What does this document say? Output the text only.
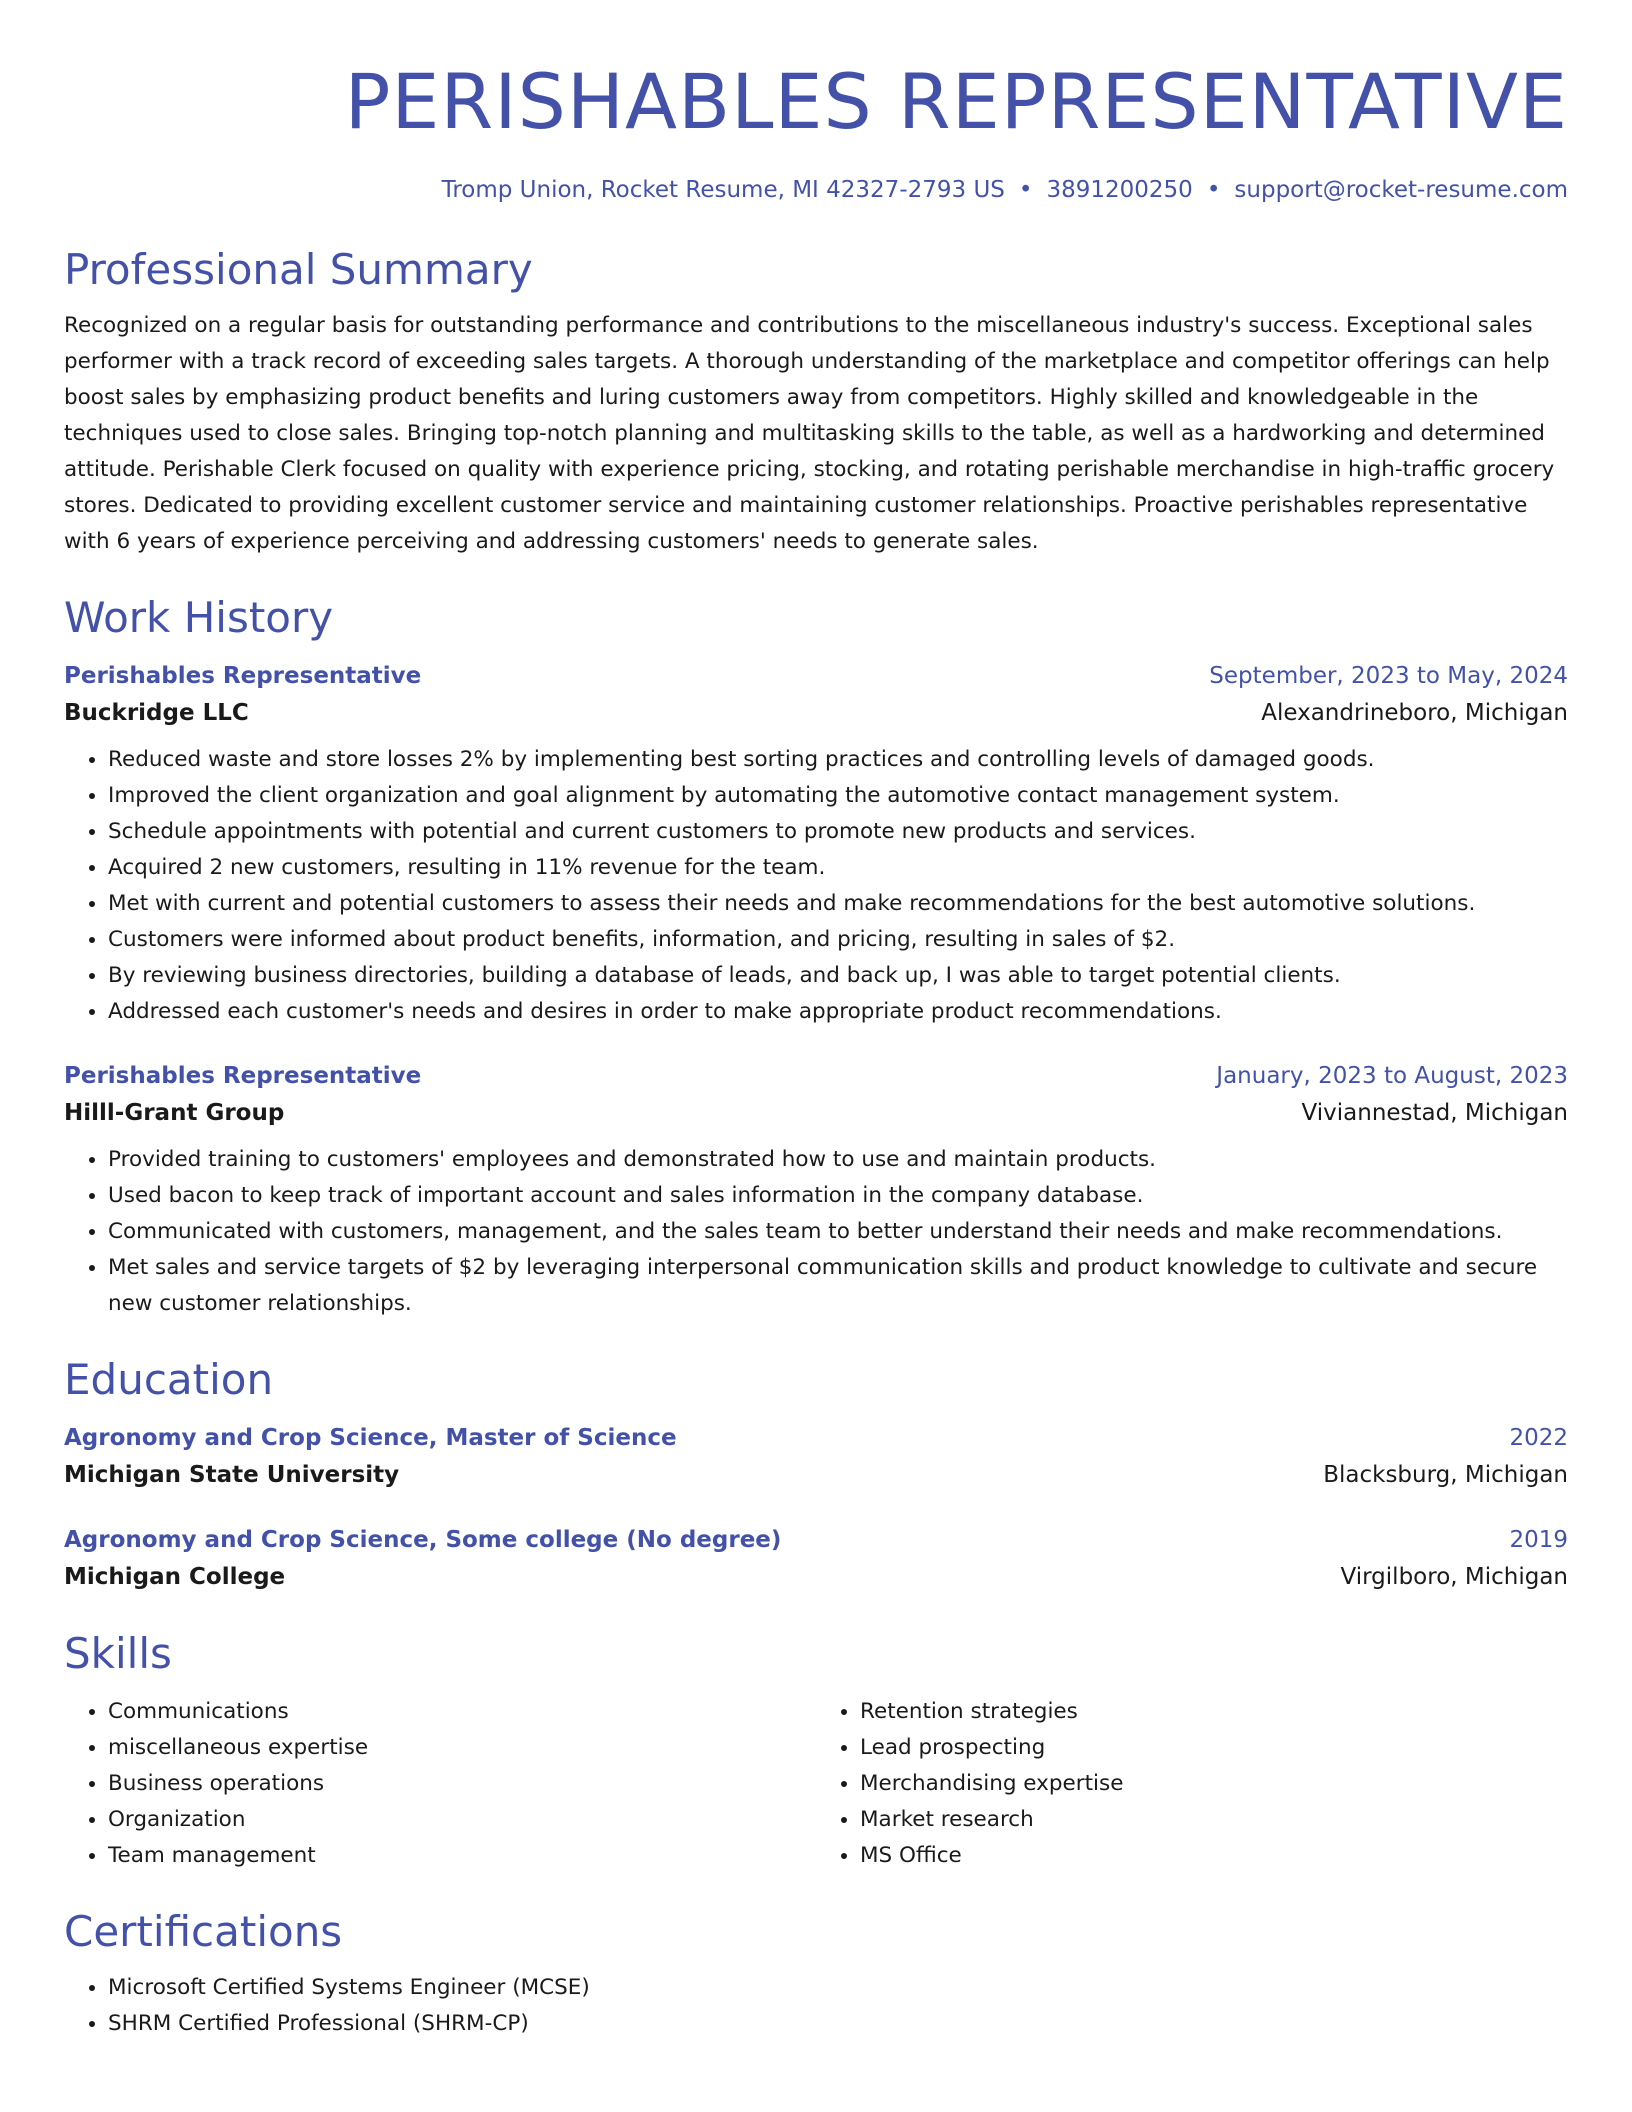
PERISHABLES REPRESENTATIVE
Tromp Union, Rocket Resume, MI 42327-2793 US • 3891200250 • support@rocket-resume.com
Professional Summary
Recognized on a regular basis for outstanding performance and contributions to the miscellaneous industry's success. Exceptional sales performer with a track record of exceeding sales targets. A thorough understanding of the marketplace and competitor offerings can help boost sales by emphasizing product benefits and luring customers away from competitors. Highly skilled and knowledgeable in the techniques used to close sales. Bringing top-notch planning and multitasking skills to the table, as well as a hardworking and determined attitude. Perishable Clerk focused on quality with experience pricing, stocking, and rotating perishable merchandise in high-traffic grocery stores. Dedicated to providing excellent customer service and maintaining customer relationships. Proactive perishables representative with 6 years of experience perceiving and addressing customers' needs to generate sales.
Work History
Perishables Representative	September, 2023 to May, 2024
Buckridge LLC	Alexandrineboro, Michigan
• Reduced waste and store losses 2% by implementing best sorting practices and controlling levels of damaged goods.
• Improved the client organization and goal alignment by automating the automotive contact management system.
• Schedule appointments with potential and current customers to promote new products and services.
• Acquired 2 new customers, resulting in 11% revenue for the team.
• Met with current and potential customers to assess their needs and make recommendations for the best automotive solutions.
• Customers were informed about product benefits, information, and pricing, resulting in sales of $2.
• By reviewing business directories, building a database of leads, and back up, I was able to target potential clients.
• Addressed each customer's needs and desires in order to make appropriate product recommendations.
Perishables Representative	January, 2023 to August, 2023
Hilll-Grant Group	Viviannestad, Michigan
• Provided training to customers' employees and demonstrated how to use and maintain products.
• Used bacon to keep track of important account and sales information in the company database.
• Communicated with customers, management, and the sales team to better understand their needs and make recommendations.
• Met sales and service targets of $2 by leveraging interpersonal communication skills and product knowledge to cultivate and secure new customer relationships.
Education
Agronomy and Crop Science, Master of Science	2022
Michigan State University	Blacksburg, Michigan
Agronomy and Crop Science, Some college (No degree)	2019
Michigan College	Virgilboro, Michigan
Skills
• Communications
• miscellaneous expertise
• Business operations
• Organization
• Team management
• Retention strategies
• Lead prospecting
• Merchandising expertise
• Market research
• MS Office
Certifications
• Microsoft Certified Systems Engineer (MCSE)
• SHRM Certified Professional (SHRM-CP)
